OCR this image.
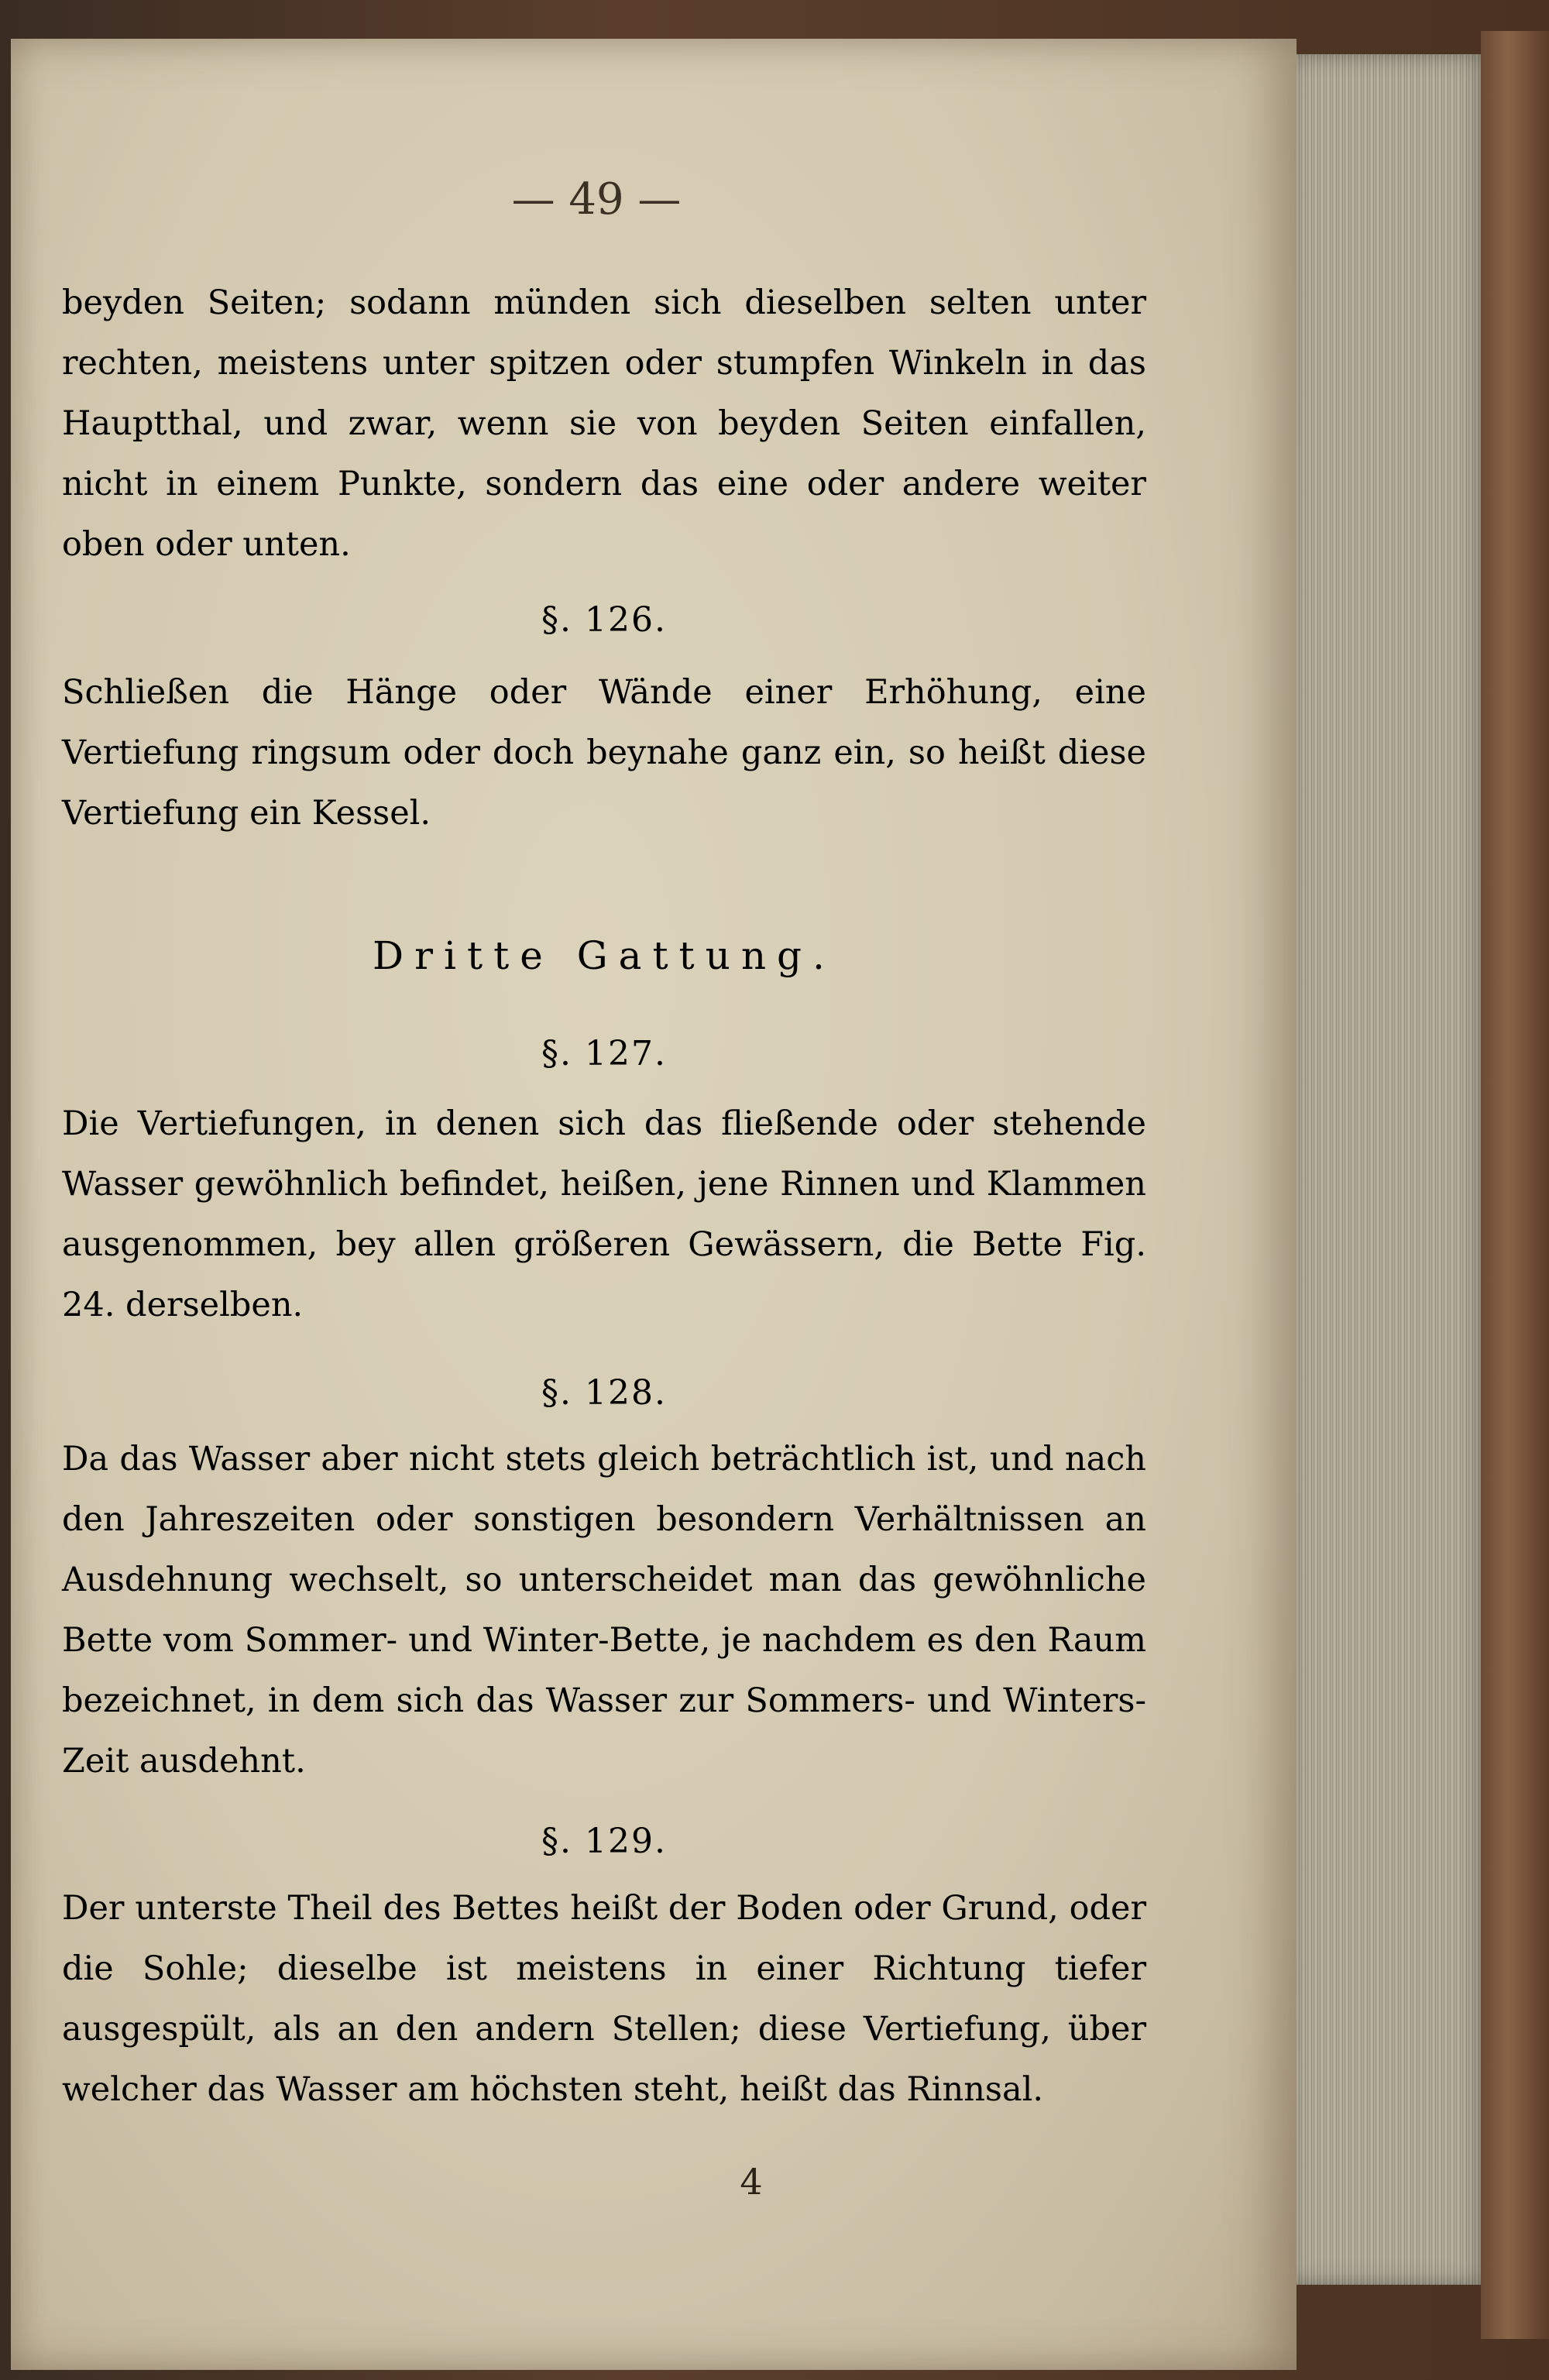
— 49 —

beyden Seiten; sodann münden sich dieselben selten unter rechten, meistens unter spitzen oder stumpfen Winkeln in das Hauptthal, und zwar, wenn sie von beyden Seiten einfallen, nicht in einem Punkte, sondern das eine oder andere weiter oben oder unten.

§. 126.

Schließen die Hänge oder Wände einer Erhöhung, eine Vertiefung ringsum oder doch beynahe ganz ein, so heißt diese Vertiefung ein Kessel.

Dritte Gattung.
§. 127.

Die Vertiefungen, in denen sich das fließende oder stehende Wasser gewöhnlich befindet, heißen, jene Rinnen und Klammen ausgenommen, bey allen größeren Gewässern, die Bette Fig. 24. derselben.

§. 128.

Da das Wasser aber nicht stets gleich beträchtlich ist, und nach den Jahreszeiten oder sonstigen besondern Verhältnissen an Ausdehnung wechselt, so unterscheidet man das gewöhnliche Bette vom Sommer- und Winter-Bette, je nachdem es den Raum bezeichnet, in dem sich das Wasser zur Sommers- und Winters-Zeit ausdehnt.

§. 129.

Der unterste Theil des Bettes heißt der Boden oder Grund, oder die Sohle; dieselbe ist meistens in einer Richtung tiefer ausgespült, als an den andern Stellen; diese Vertiefung, über welcher das Wasser am höchsten steht, heißt das Rinnsal.

4
